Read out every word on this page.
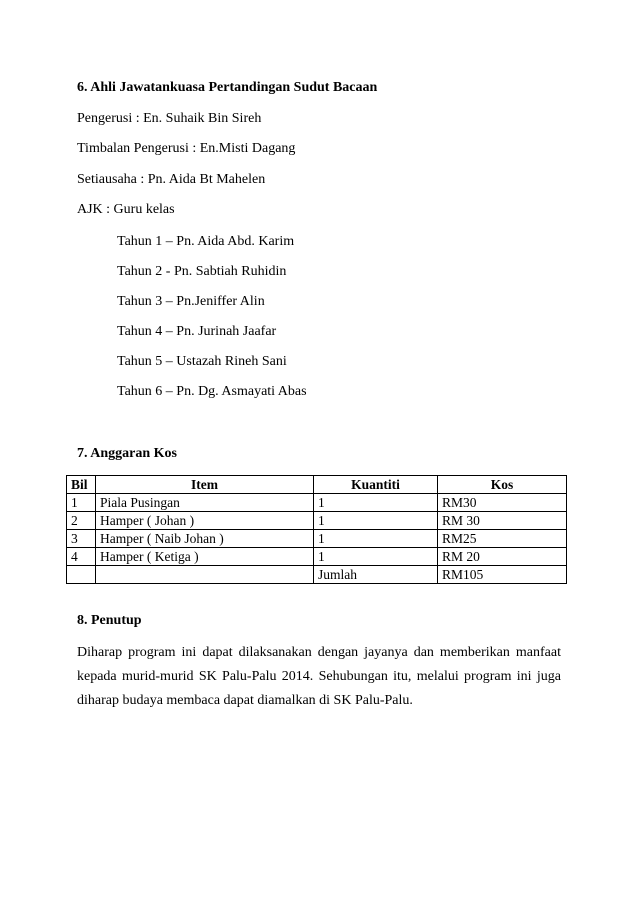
6. Ahli Jawatankuasa Pertandingan Sudut Bacaan
Pengerusi : En. Suhaik Bin Sireh
Timbalan Pengerusi : En.Misti Dagang
Setiausaha : Pn. Aida Bt Mahelen
AJK : Guru kelas
Tahun 1 – Pn. Aida Abd. Karim
Tahun 2 - Pn. Sabtiah Ruhidin
Tahun 3 – Pn.Jeniffer Alin
Tahun 4 – Pn. Jurinah Jaafar
Tahun 5 – Ustazah Rineh Sani
Tahun 6 – Pn. Dg. Asmayati Abas
7. Anggaran Kos
Bil	Item	Kuantiti	Kos
1	Piala Pusingan	1	RM30
2	Hamper ( Johan )	1	RM 30
3	Hamper ( Naib Johan )	1	RM25
4	Hamper ( Ketiga )	1	RM 20
		Jumlah	RM105
8. Penutup

Diharap program ini dapat dilaksanakan dengan jayanya dan memberikan manfaat kepada murid-murid SK Palu-Palu 2014. Sehubungan itu, melalui program ini juga diharap budaya membaca dapat diamalkan di SK Palu-Palu.
